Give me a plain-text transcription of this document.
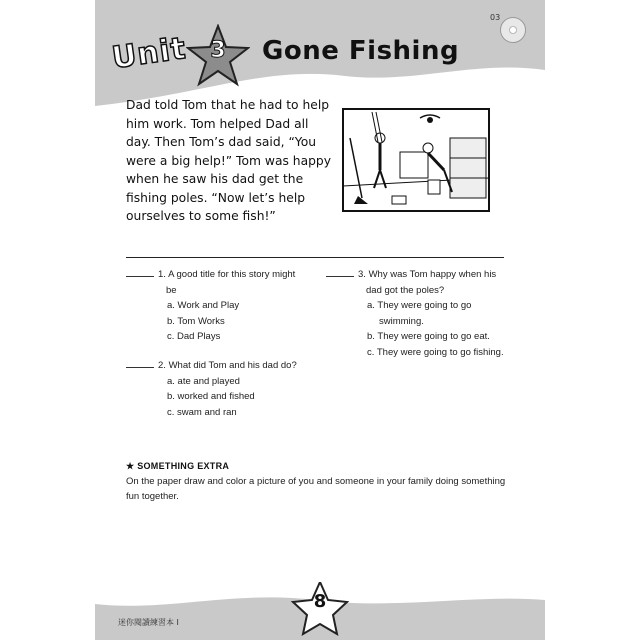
03
Unit 3	Gone Fishing

Dad told Tom that he had to help him work. Tom helped Dad all day. Then Tom’s dad said, “You were a big help!” Tom was happy when he saw his dad get the fishing poles. “Now let’s help ourselves to some fish!”

1. A good title for this story might
be
a. Work and Play
b. Tom Works
c. Dad Plays
2. What did Tom and his dad do?
a. ate and played
b. worked and fished
c. swam and ran
3. Why was Tom happy when his
dad got the poles?
a. They were going to go
swimming.
b. They were going to go eat.
c. They were going to go fishing.
★ SOMETHING EXTRA
On the paper draw and color a picture of you and someone in your family doing something fun together.
迷你閱讀練習本 I
8
